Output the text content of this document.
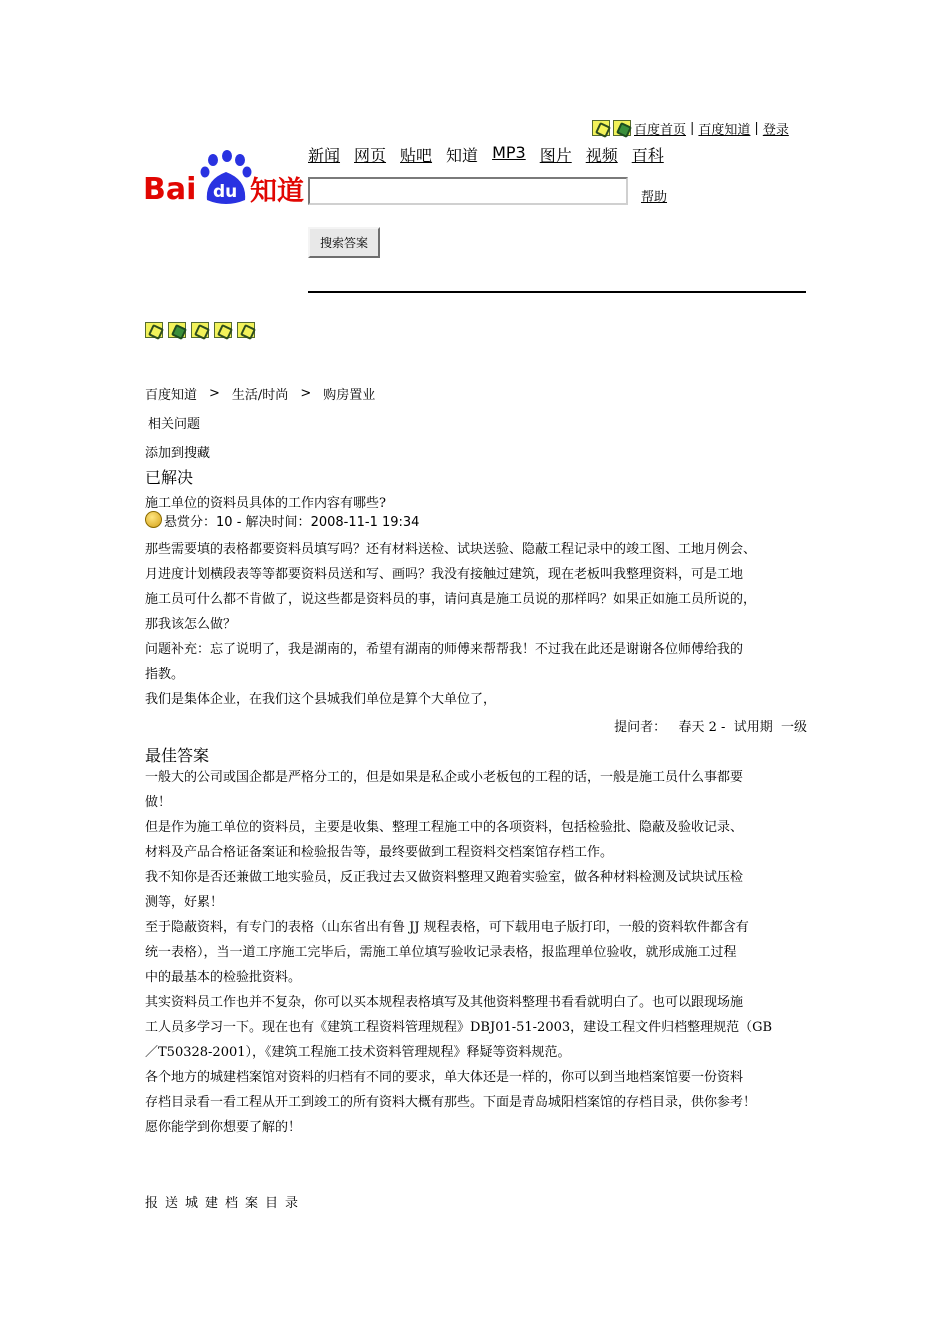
百度首页 | 百度知道 | 登录
Bai du 知道
新闻 网页 贴吧 知道 MP3 图片 视频 百科
帮助
搜索答案
百度知道 > 生活/时尚 > 购房置业
相关问题
添加到搜藏
已解决
施工单位的资料员具体的工作内容有哪些?
悬赏分：10 - 解决时间：2008-11-1 19:34
那些需要填的表格都要资料员填写吗？还有材料送检、试块送验、隐蔽工程记录中的竣工图、工地月例会、
月进度计划横段表等等都要资料员送和写、画吗？我没有接触过建筑，现在老板叫我整理资料，可是工地
施工员可什么都不肯做了，说这些都是资料员的事，请问真是施工员说的那样吗？如果正如施工员所说的，
那我该怎么做？
问题补充：忘了说明了，我是湖南的，希望有湖南的师傅来帮帮我！不过我在此还是谢谢各位师傅给我的
指教。
我们是集体企业，在我们这个县城我们单位是算个大单位了，
提问者： 春天 2 - 试用期 一级
最佳答案
一般大的公司或国企都是严格分工的，但是如果是私企或小老板包的工程的话，一般是施工员什么事都要
做！
但是作为施工单位的资料员，主要是收集、整理工程施工中的各项资料，包括检验批、隐蔽及验收记录、
材料及产品合格证备案证和检验报告等，最终要做到工程资料交档案馆存档工作。
我不知你是否还兼做工地实验员，反正我过去又做资料整理又跑着实验室，做各种材料检测及试块试压检
测等，好累！
至于隐蔽资料，有专门的表格（山东省出有鲁 JJ 规程表格，可下载用电子版打印，一般的资料软件都含有
统一表格），当一道工序施工完毕后，需施工单位填写验收记录表格，报监理单位验收，就形成施工过程
中的最基本的检验批资料。
其实资料员工作也并不复杂，你可以买本规程表格填写及其他资料整理书看看就明白了。也可以跟现场施
工人员多学习一下。现在也有《建筑工程资料管理规程》DBJ01-51-2003，建设工程文件归档整理规范（GB
／T50328-2001），《建筑工程施工技术资料管理规程》释疑等资料规范。
各个地方的城建档案馆对资料的归档有不同的要求，单大体还是一样的，你可以到当地档案馆要一份资料
存档目录看一看工程从开工到竣工的所有资料大概有那些。下面是青岛城阳档案馆的存档目录，供你参考！
愿你能学到你想要了解的！
报送城建档案目录
